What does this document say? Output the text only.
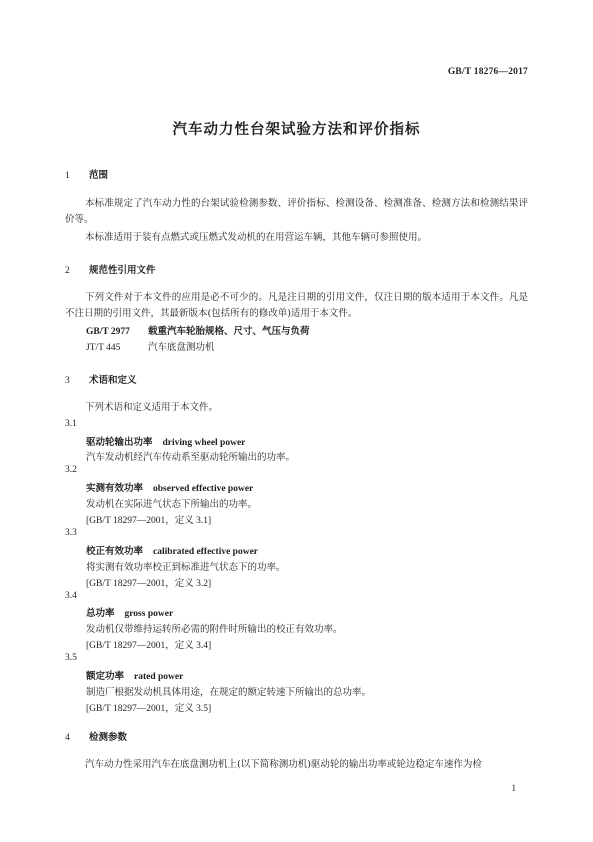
GB/T 18276—2017
汽车动力性台架试验方法和评价指标
1 范围
本标准规定了汽车动力性的台架试验检测参数、评价指标、检测设备、检测准备、检测方法和检测结果评价等。
本标准适用于装有点燃式或压燃式发动机的在用营运车辆，其他车辆可参照使用。
2 规范性引用文件
下列文件对于本文件的应用是必不可少的。凡是注日期的引用文件，仅注日期的版本适用于本文件。凡是不注日期的引用文件，其最新版本(包括所有的修改单)适用于本文件。
GB/T 2977 载重汽车轮胎规格、尺寸、气压与负荷
JT/T 445	汽车底盘测功机
3 术语和定义
下列术语和定义适用于本文件。
3.1
驱动轮输出功率 driving wheel power
汽车发动机经汽车传动系至驱动轮所输出的功率。
3.2
实测有效功率 observed effective power
发动机在实际进气状态下所输出的功率。
[GB/T 18297—2001，定义 3.1]
3.3
校正有效功率 calibrated effective power
将实测有效功率校正到标准进气状态下的功率。
[GB/T 18297—2001，定义 3.2]
3.4
总功率 gross power
发动机仅带维持运转所必需的附件时所输出的校正有效功率。
[GB/T 18297—2001，定义 3.4]
3.5
额定功率 rated power
制造厂根据发动机具体用途，在规定的额定转速下所输出的总功率。
[GB/T 18297—2001，定义 3.5]
4 检测参数
汽车动力性采用汽车在底盘测功机上(以下简称测功机)驱动轮的输出功率或轮边稳定车速作为检
1
